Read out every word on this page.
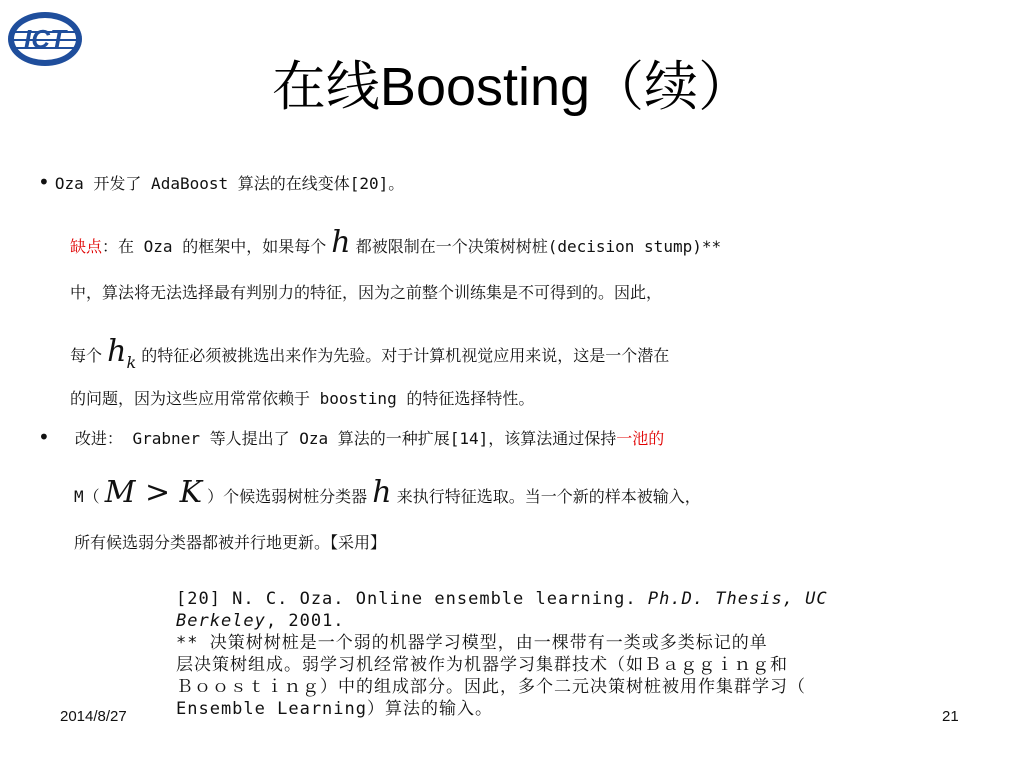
ICT
在线Boosting（续）
• Oza 开发了 AdaBoost 算法的在线变体[20]。
缺点：在 Oza 的框架中，如果每个 h 都被限制在一个决策树树桩(decision stump)**
中，算法将无法选择最有判别力的特征，因为之前整个训练集是不可得到的。因此，
每个 $h_k$ 的特征必须被挑选出来作为先验。对于计算机视觉应用来说，这是一个潜在
的问题，因为这些应用常常依赖于 boosting 的特征选择特性。
• 改进： Grabner 等人提出了 Oza 算法的一种扩展[14]，该算法通过保持一池的
M（ M > K ）个候选弱树桩分类器 h 来执行特征选取。当一个新的样本被输入，
所有候选弱分类器都被并行地更新。【采用】
[20] N. C. Oza. Online ensemble learning. Ph.D. Thesis, UC
Berkeley, 2001.
** 决策树树桩是一个弱的机器学习模型，由一棵带有一类或多类标记的单
层决策树组成。弱学习机经常被作为机器学习集群技术（如Ｂａｇｇｉｎｇ和
Ｂｏｏｓｔｉｎｇ）中的组成部分。因此，多个二元决策树桩被用作集群学习（
Ensemble Learning）算法的输入。
2014/8/27	21
